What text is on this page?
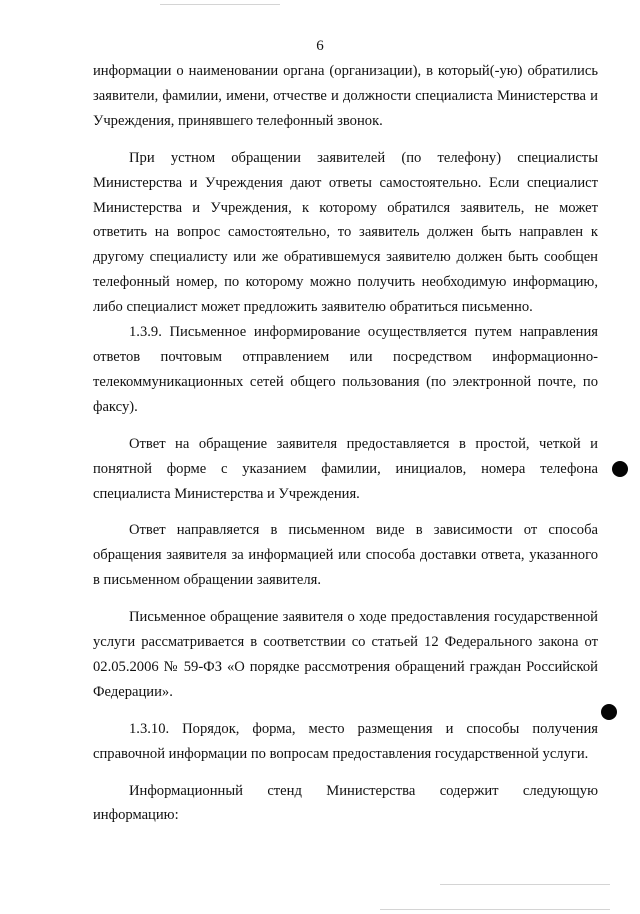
6

информации о наименовании органа (организации), в который(-ую) обратились заявители, фамилии, имени, отчестве и должности специалиста Министерства и Учреждения, принявшего телефонный звонок.

При устном обращении заявителей (по телефону) специалисты Министерства и Учреждения дают ответы самостоятельно. Если специалист Министерства и Учреждения, к которому обратился заявитель, не может ответить на вопрос самостоятельно, то заявитель должен быть направлен к другому специалисту или же обратившемуся заявителю должен быть сообщен телефонный номер, по которому можно получить необходимую информацию, либо специалист может предложить заявителю обратиться письменно.

1.3.9. Письменное информирование осуществляется путем направления ответов почтовым отправлением или посредством информационно-телекоммуникационных сетей общего пользования (по электронной почте, по факсу).

Ответ на обращение заявителя предоставляется в простой, четкой и понятной форме с указанием фамилии, инициалов, номера телефона специалиста Министерства и Учреждения.

Ответ направляется в письменном виде в зависимости от способа обращения заявителя за информацией или способа доставки ответа, указанного в письменном обращении заявителя.

Письменное обращение заявителя о ходе предоставления государственной услуги рассматривается в соответствии со статьей 12 Федерального закона от 02.05.2006 № 59-ФЗ «О порядке рассмотрения обращений граждан Российской Федерации».

1.3.10. Порядок, форма, место размещения и способы получения справочной информации по вопросам предоставления государственной услуги.

Информационный стенд Министерства содержит следующую информацию:
